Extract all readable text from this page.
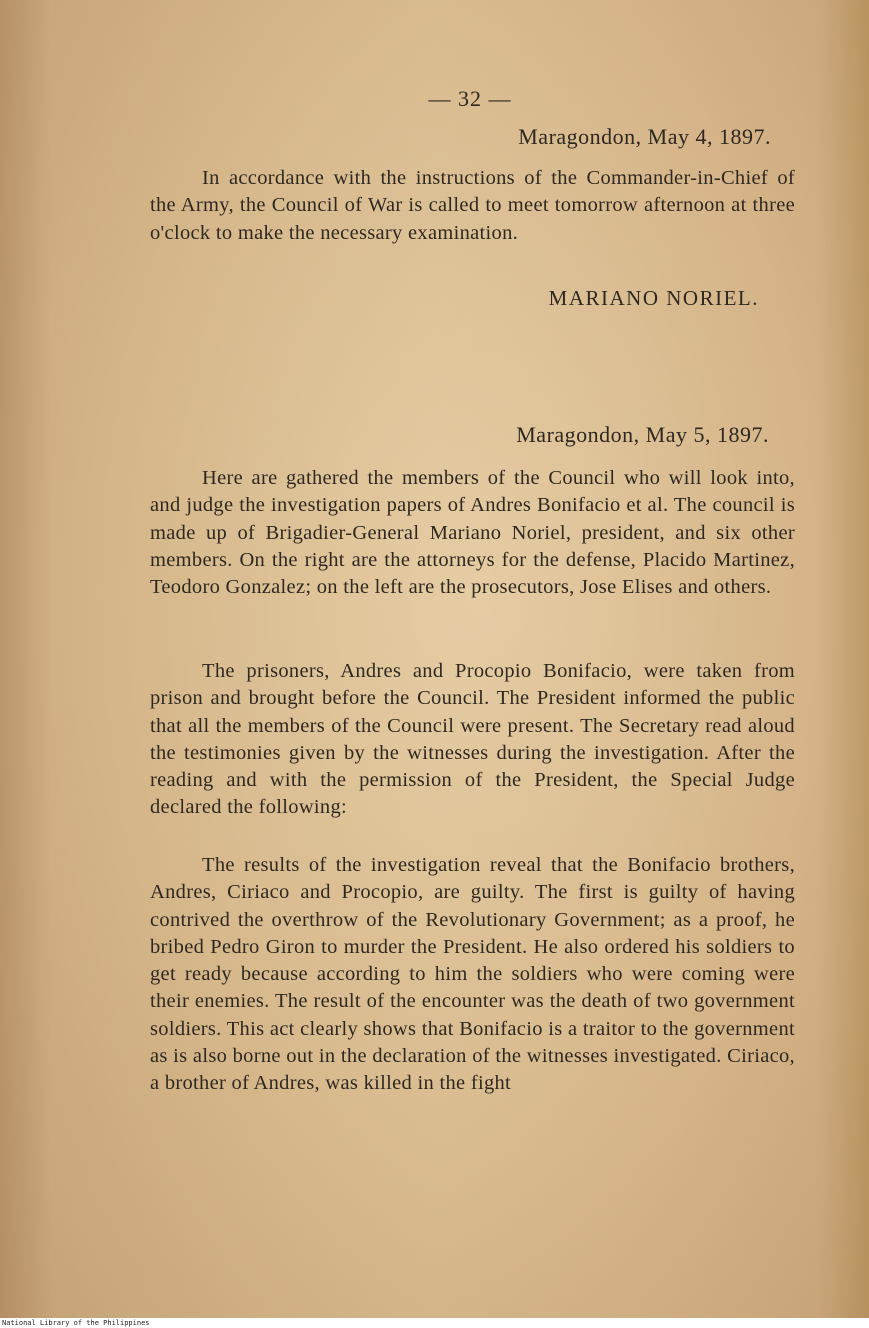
— 32 —
Maragondon, May 4, 1897.

In accordance with the instructions of the Commander-in-Chief of the Army, the Council of War is called to meet tomorrow afternoon at three o'clock to make the necessary examination.

MARIANO NORIEL.
Maragondon, May 5, 1897.

Here are gathered the members of the Council who will look into, and judge the investigation papers of Andres Bonifacio et al. The council is made up of Brigadier-General Mariano Noriel, president, and six other members. On the right are the attorneys for the defense, Placido Martinez, Teodoro Gonzalez; on the left are the prosecutors, Jose Elises and others.

The prisoners, Andres and Procopio Bonifacio, were taken from prison and brought before the Council. The President informed the public that all the members of the Council were present. The Secretary read aloud the testimonies given by the witnesses during the investigation. After the reading and with the permission of the President, the Special Judge declared the following:

The results of the investigation reveal that the Bonifacio brothers, Andres, Ciriaco and Procopio, are guilty. The first is guilty of having contrived the overthrow of the Revolutionary Government; as a proof, he bribed Pedro Giron to murder the President. He also ordered his soldiers to get ready because according to him the soldiers who were coming were their enemies. The result of the encounter was the death of two government soldiers. This act clearly shows that Bonifacio is a traitor to the government as is also borne out in the declaration of the witnesses investigated. Ciriaco, a brother of Andres, was killed in the fight

National Library of the Philippines
